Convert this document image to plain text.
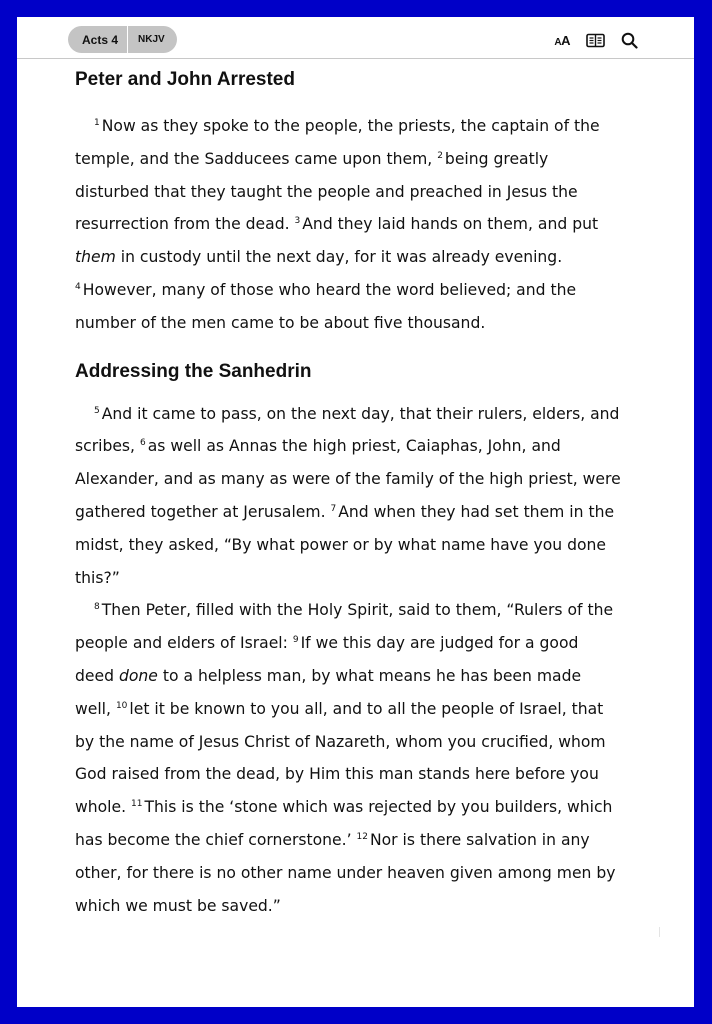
Acts 4	NKJV	AA
Peter and John Arrested

$^1$ Now as they spoke to the people, the priests, the captain of the
temple, and the Sadducees came upon them, $^2$ being greatly
disturbed that they taught the people and preached in Jesus the
resurrection from the dead. $^3$ And they laid hands on them, and put
them in custody until the next day, for it was already evening.
$^4$ However, many of those who heard the word believed; and the
number of the men came to be about five thousand.

Addressing the Sanhedrin

$^5$ And it came to pass, on the next day, that their rulers, elders, and
scribes, $^6$ as well as Annas the high priest, Caiaphas, John, and
Alexander, and as many as were of the family of the high priest, were
gathered together at Jerusalem. $^7$ And when they had set them in the
midst, they asked, “By what power or by what name have you done
this?”

$^8$ Then Peter, filled with the Holy Spirit, said to them, “Rulers of the
people and elders of Israel: $^9$ If we this day are judged for a good
deed done to a helpless man, by what means he has been made
well, $^{10}$ let it be known to you all, and to all the people of Israel, that
by the name of Jesus Christ of Nazareth, whom you crucified, whom
God raised from the dead, by Him this man stands here before you
whole. $^{11}$ This is the ‘stone which was rejected by you builders, which
has become the chief cornerstone.’ $^{12}$ Nor is there salvation in any
other, for there is no other name under heaven given among men by
which we must be saved.”
